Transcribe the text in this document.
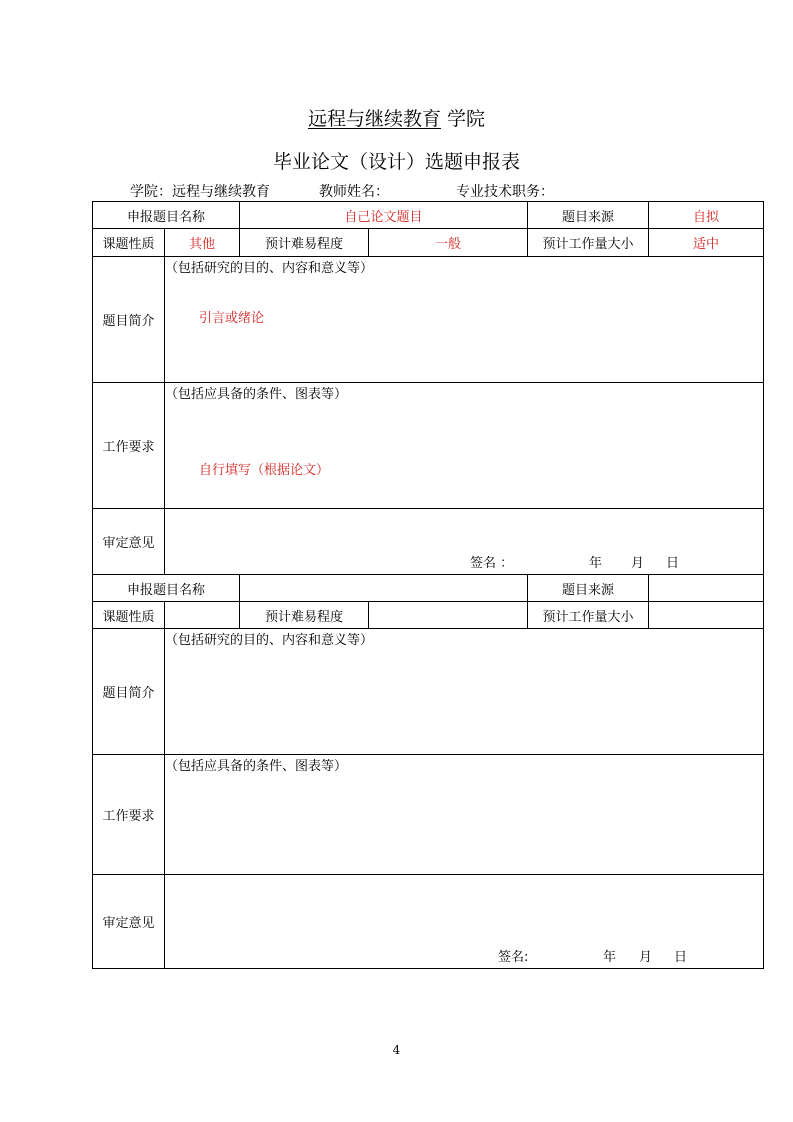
远程与继续教育 学院
毕业论文（设计）选题申报表
学院：远程与继续教育	教师姓名：	专业技术职务：
申报题目名称		自己论文题目		题目来源	自拟
课题性质	其他	预计难易程度	一般	预计工作量大小	适中
题目简介	（包括研究的目的、内容和意义等）
引言或绪论				

工作要求	（包括应具备的条件、图表等）
自行填写（根据论文）				

审定意见	签名 ： 年 月 日				
申报题目名称				题目来源	
课题性质		预计难易程度		预计工作量大小	
题目简介	（包括研究的目的、内容和意义等）				

工作要求	（包括应具备的条件、图表等）				

审定意见	签名: 年 月 日				
4
